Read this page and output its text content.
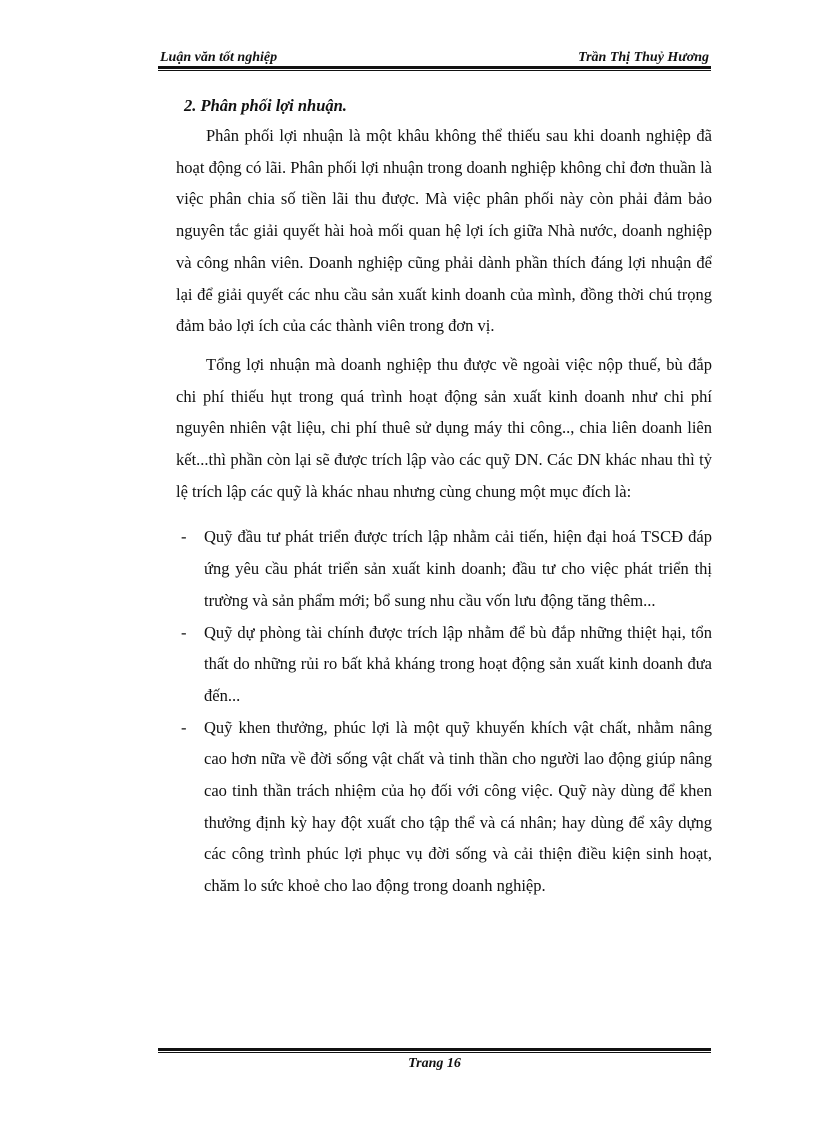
Luận văn tốt nghiệp	Trần Thị Thuỷ Hương

2. Phân phối lợi nhuận.

Phân phối lợi nhuận là một khâu không thể thiếu sau khi doanh nghiệp đã hoạt động có lãi. Phân phối lợi nhuận trong doanh nghiệp không chỉ đơn thuần là việc phân chia số tiền lãi thu được. Mà việc phân phối này còn phải đảm bảo nguyên tắc giải quyết hài hoà mối quan hệ lợi ích giữa Nhà nước, doanh nghiệp và công nhân viên. Doanh nghiệp cũng phải dành phần thích đáng lợi nhuận để lại để giải quyết các nhu cầu sản xuất kinh doanh của mình, đồng thời chú trọng đảm bảo lợi ích của các thành viên trong đơn vị.

Tổng lợi nhuận mà doanh nghiệp thu được về ngoài việc nộp thuế, bù đắp chi phí thiếu hụt trong quá trình hoạt động sản xuất kinh doanh như chi phí nguyên nhiên vật liệu, chi phí thuê sử dụng máy thi công.., chia liên doanh liên kết...thì phần còn lại sẽ được trích lập vào các quỹ DN. Các DN khác nhau thì tỷ lệ trích lập các quỹ là khác nhau nhưng cùng chung một mục đích là:

- Quỹ đầu tư phát triển được trích lập nhằm cải tiến, hiện đại hoá TSCĐ đáp ứng yêu cầu phát triển sản xuất kinh doanh; đầu tư cho việc phát triển thị trường và sản phẩm mới; bổ sung nhu cầu vốn lưu động tăng thêm...
- Quỹ dự phòng tài chính được trích lập nhằm để bù đắp những thiệt hại, tổn thất do những rủi ro bất khả kháng trong hoạt động sản xuất kinh doanh đưa đến...
- Quỹ khen thưởng, phúc lợi là một quỹ khuyến khích vật chất, nhằm nâng cao hơn nữa về đời sống vật chất và tinh thần cho người lao động giúp nâng cao tinh thần trách nhiệm của họ đối với công việc. Quỹ này dùng để khen thưởng định kỳ hay đột xuất cho tập thể và cá nhân; hay dùng để xây dựng các công trình phúc lợi phục vụ đời sống và cải thiện điều kiện sinh hoạt, chăm lo sức khoẻ cho lao động trong doanh nghiệp.
Trang 16
